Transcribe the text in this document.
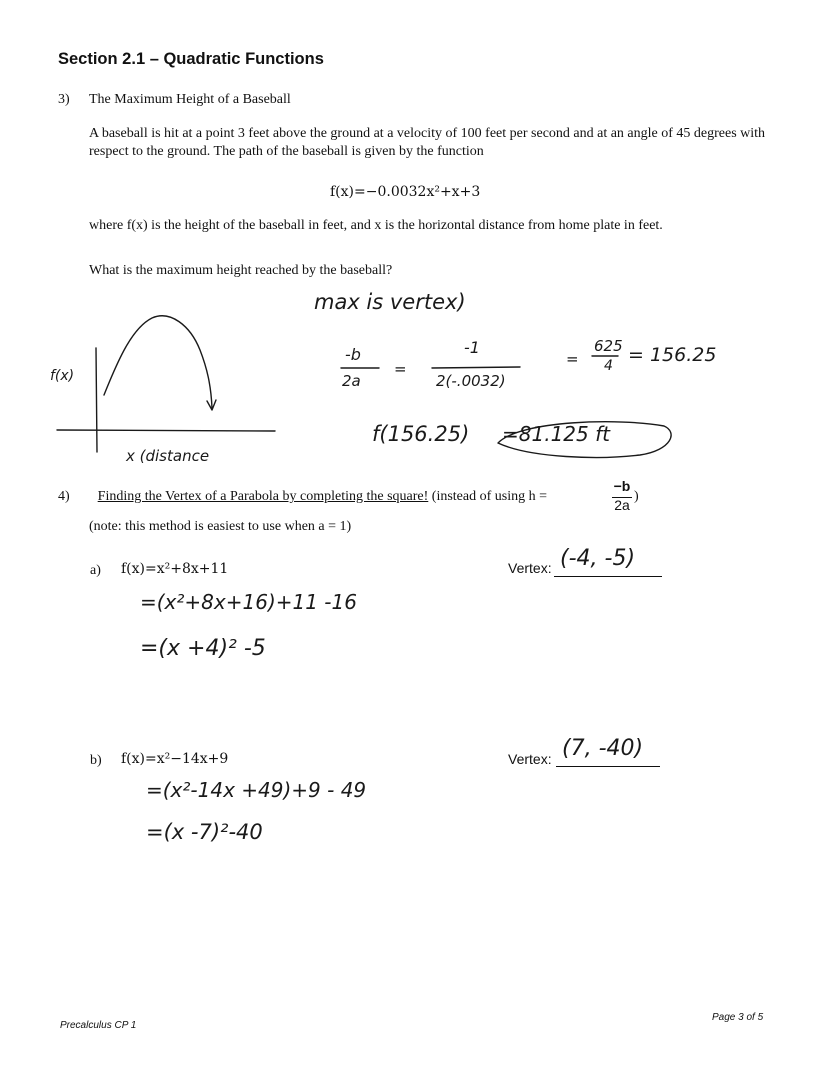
Section 2.1 – Quadratic Functions
3) The Maximum Height of a Baseball
A baseball is hit at a point 3 feet above the ground at a velocity of 100 feet per second and at an angle of 45 degrees with respect to the ground. The path of the baseball is given by the function
f(x)=−0.0032x²+x+3
where f(x) is the height of the baseball in feet, and x is the horizontal distance from home plate in feet.
What is the maximum height reached by the baseball?
max is vertex)
f(x)
x (distance
-b
2a
=
-1
2(-.0032)
=
625
4 = 156.25
f(156.25) =81.125 ft
4) Finding the Vertex of a Parabola by completing the square! (instead of using h =
−b
2a
)
(note: this method is easiest to use when a = 1)
a) f(x)=x²+8x+11	Vertex: (-4, -5)
=(x²+8x+16)+11 -16
=(x +4)² -5
b) f(x)=x²−14x+9	Vertex: (7, -40)
=(x²-14x +49)+9 - 49
=(x -7)²-40
Precalculus CP 1
Page 3 of 5
